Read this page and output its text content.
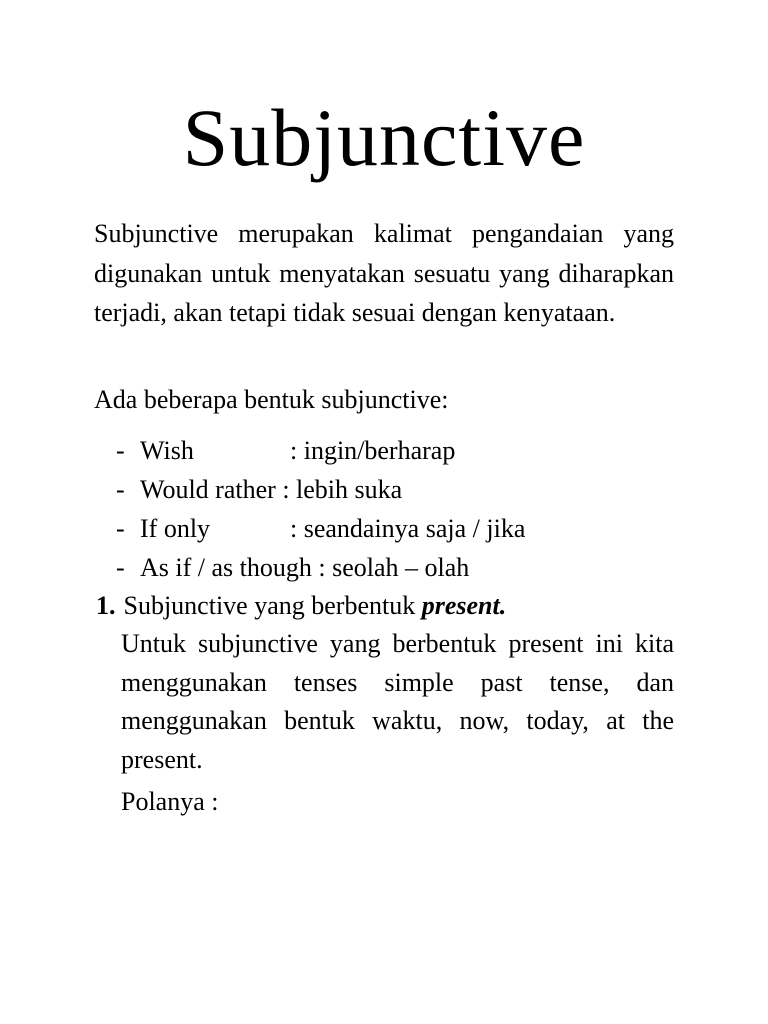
Subjunctive

Subjunctive merupakan kalimat pengandaian yang digunakan untuk menyatakan sesuatu yang diharapkan terjadi, akan tetapi tidak sesuai dengan kenyataan.

Ada beberapa bentuk subjunctive:

- Wish	: ingin/berharap
- Would rather : lebih suka
- If only	: seandainya saja / jika
- As if / as though : seolah – olah
1. Subjunctive yang berbentuk present.

Untuk subjunctive yang berbentuk present ini kita menggunakan tenses simple past tense, dan menggunakan bentuk waktu, now, today, at the present.

Polanya :
